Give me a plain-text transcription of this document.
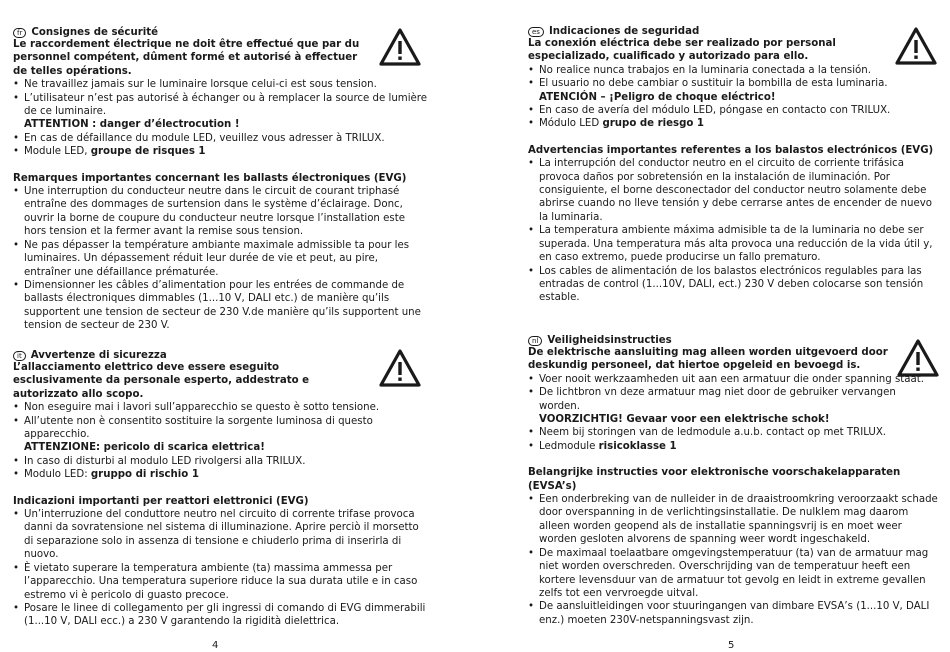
fr Consignes de sécurité

Le raccordement électrique ne doit être effectué que par du personnel compétent, dûment formé et autorisé à effectuer de telles opérations.

• Ne travaillez jamais sur le luminaire lorsque celui-ci est sous tension.
• L’utilisateur n’est pas autorisé à échanger ou à remplacer la source de lumière de ce luminaire.
ATTENTION : danger d’électrocution !
• En cas de défaillance du module LED, veuillez vous adresser à TRILUX.
• Module LED, groupe de risques 1

Remarques importantes concernant les ballasts électroniques (EVG)

• Une interruption du conducteur neutre dans le circuit de courant triphasé entraîne des dommages de surtension dans le système d’éclairage. Donc, ouvrir la borne de coupure du conducteur neutre lorsque l’installation este hors tension et la fermer avant la remise sous tension.
• Ne pas dépasser la température ambiante maximale admissible ta pour les luminaires. Un dépassement réduit leur durée de vie et peut, au pire, entraîner une défaillance prématurée.
• Dimensionner les câbles d’alimentation pour les entrées de commande de ballasts électroniques dimmables (1...10 V, DALI etc.) de manière qu’ils supportent une tension de secteur de 230 V.de manière qu’ils supportent une tension de secteur de 230 V.
it Avvertenze di sicurezza

L’allacciamento elettrico deve essere eseguito esclusivamente da personale esperto, addestrato e autorizzato allo scopo.

• Non eseguire mai i lavori sull’apparecchio se questo è sotto tensione.
• All’utente non è consentito sostituire la sorgente luminosa di questo apparecchio.
ATTENZIONE: pericolo di scarica elettrica!
• In caso di disturbi al modulo LED rivolgersi alla TRILUX.
• Modulo LED: gruppo di rischio 1

Indicazioni importanti per reattori elettronici (EVG)

• Un’interruzione del conduttore neutro nel circuito di corrente trifase provoca danni da sovratensione nel sistema di illuminazione. Aprire perciò il morsetto di separazione solo in assenza di tensione e chiuderlo prima di inserirla di nuovo.
• È vietato superare la temperatura ambiente (ta) massima ammessa per l’apparecchio. Una temperatura superiore riduce la sua durata utile e in caso estremo vi è pericolo di guasto precoce.
• Posare le linee di collegamento per gli ingressi di comando di EVG dimmerabili (1...10 V, DALI ecc.) a 230 V garantendo la rigidità dielettrica.
es Indicaciones de seguridad

La conexión eléctrica debe ser realizado por personal especializado, cualificado y autorizado para ello.

• No realice nunca trabajos en la luminaria conectada a la tensión.
• El usuario no debe cambiar o sustituir la bombilla de esta luminaria.
ATENCIÓN – ¡Peligro de choque eléctrico!
• En caso de avería del módulo LED, póngase en contacto con TRILUX.
• Módulo LED grupo de riesgo 1

Advertencias importantes referentes a los balastos electrónicos (EVG)

• La interrupción del conductor neutro en el circuito de corriente trifásica provoca daños por sobretensión en la instalación de iluminación. Por consiguiente, el borne desconectador del conductor neutro solamente debe abrirse cuando no lleve tensión y debe cerrarse antes de encender de nuevo la luminaria.
• La temperatura ambiente máxima admisible ta de la luminaria no debe ser superada. Una temperatura más alta provoca una reducción de la vida útil y, en caso extremo, puede producirse un fallo prematuro.
• Los cables de alimentación de los balastos electrónicos regulables para las entradas de control (1...10V, DALI, ect.) 230 V deben colocarse son tensión estable.
nl Veiligheidsinstructies

De elektrische aansluiting mag alleen worden uitgevoerd door deskundig personeel, dat hiertoe opgeleid en bevoegd is.

• Voer nooit werkzaamheden uit aan een armatuur die onder spanning staat.
• De lichtbron vn deze armatuur mag niet door de gebruiker vervangen worden.
VOORZICHTIG! Gevaar voor een elektrische schok!
• Neem bij storingen van de ledmodule a.u.b. contact op met TRILUX.
• Ledmodule risicoklasse 1

Belangrijke instructies voor elektronische voorschakelapparaten (EVSA’s)

• Een onderbreking van de nulleider in de draaistroomkring veroorzaakt schade door overspanning in de verlichtingsinstallatie. De nulklem mag daarom alleen worden geopend als de installatie spanningsvrij is en moet weer worden gesloten alvorens de spanning weer wordt ingeschakeld.
• De maximaal toelaatbare omgevingstemperatuur (ta) van de armatuur mag niet worden overschreden. Overschrijding van de temperatuur heeft een kortere levensduur van de armatuur tot gevolg en leidt in extreme gevallen zelfs tot een vervroegde uitval.
• De aansluitleidingen voor stuuringangen van dimbare EVSA’s (1...10 V, DALI enz.) moeten 230V-netspanningsvast zijn.
4	5
